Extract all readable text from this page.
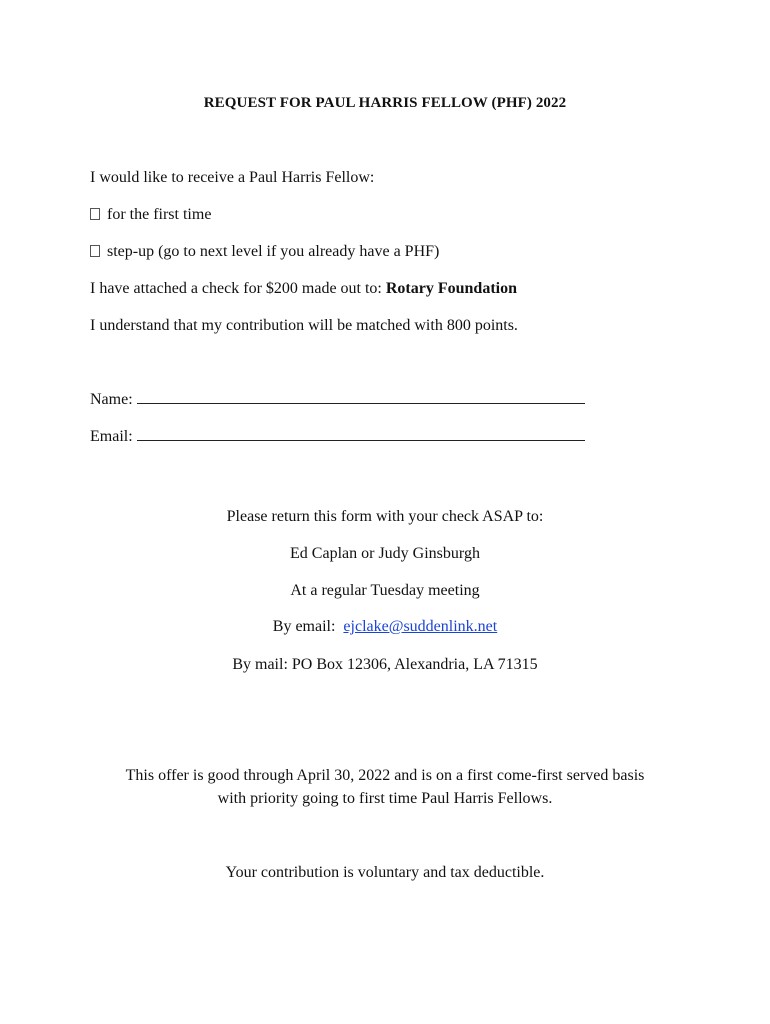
REQUEST FOR PAUL HARRIS FELLOW (PHF) 2022
I would like to receive a Paul Harris Fellow:
for the first time
step-up (go to next level if you already have a PHF)
I have attached a check for $200 made out to: Rotary Foundation
I understand that my contribution will be matched with 800 points.
Name:
Email:
Please return this form with your check ASAP to:
Ed Caplan or Judy Ginsburgh
At a regular Tuesday meeting
By email: ejclake@suddenlink.net
By mail: PO Box 12306, Alexandria, LA 71315
This offer is good through April 30, 2022 and is on a first come-first served basis
with priority going to first time Paul Harris Fellows.
Your contribution is voluntary and tax deductible.
